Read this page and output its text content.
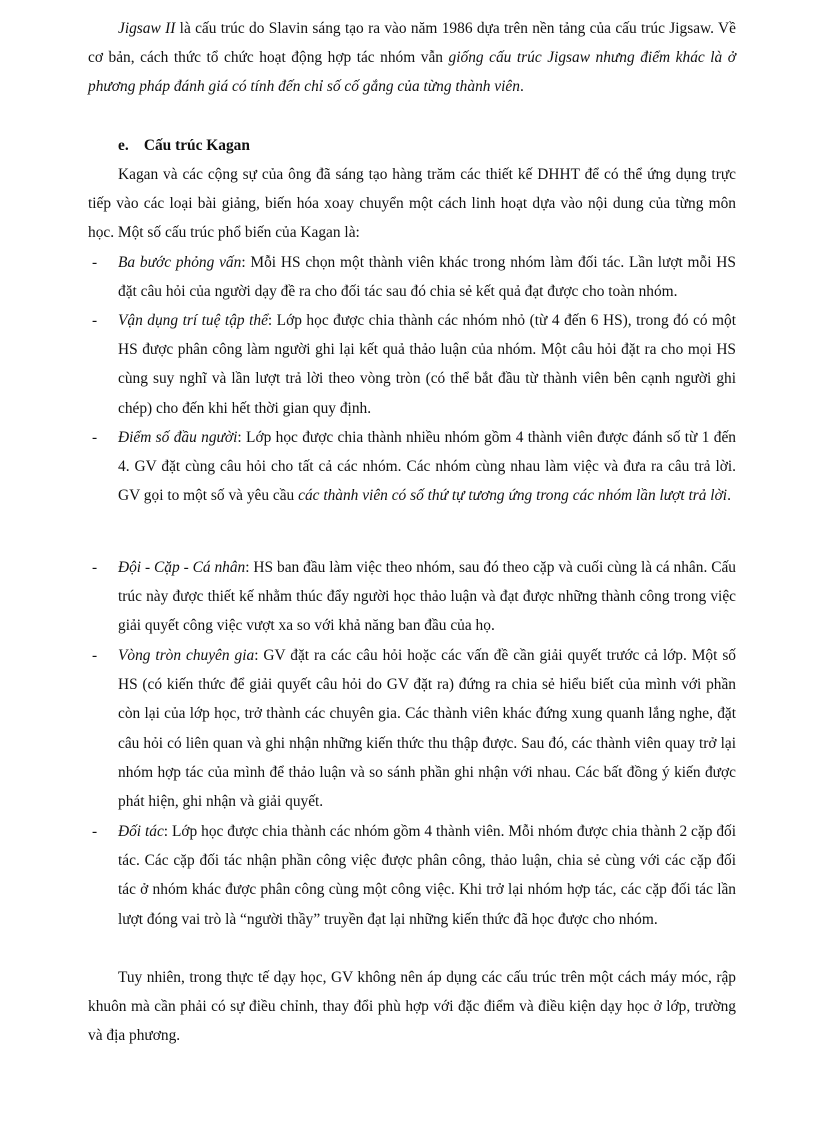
Jigsaw II là cấu trúc do Slavin sáng tạo ra vào năm 1986 dựa trên nền tảng của cấu trúc Jigsaw. Về cơ bản, cách thức tổ chức hoạt động hợp tác nhóm vẫn giống cấu trúc Jigsaw nhưng điểm khác là ở phương pháp đánh giá có tính đến chỉ số cố gắng của từng thành viên.

e. Cấu trúc Kagan

Kagan và các cộng sự của ông đã sáng tạo hàng trăm các thiết kế DHHT để có thể ứng dụng trực tiếp vào các loại bài giảng, biến hóa xoay chuyển một cách linh hoạt dựa vào nội dung của từng môn học. Một số cấu trúc phổ biến của Kagan là:

- Ba bước phỏng vấn: Mỗi HS chọn một thành viên khác trong nhóm làm đối tác. Lần lượt mỗi HS đặt câu hỏi của người dạy đề ra cho đối tác sau đó chia sẻ kết quả đạt được cho toàn nhóm.
- Vận dụng trí tuệ tập thể: Lớp học được chia thành các nhóm nhỏ (từ 4 đến 6 HS), trong đó có một HS được phân công làm người ghi lại kết quả thảo luận của nhóm. Một câu hỏi đặt ra cho mọi HS cùng suy nghĩ và lần lượt trả lời theo vòng tròn (có thể bắt đầu từ thành viên bên cạnh người ghi chép) cho đến khi hết thời gian quy định.
- Điểm số đầu người: Lớp học được chia thành nhiều nhóm gồm 4 thành viên được đánh số từ 1 đến 4. GV đặt cùng câu hỏi cho tất cả các nhóm. Các nhóm cùng nhau làm việc và đưa ra câu trả lời. GV gọi to một số và yêu cầu các thành viên có số thứ tự tương ứng trong các nhóm lần lượt trả lời.
- Đội - Cặp - Cá nhân: HS ban đầu làm việc theo nhóm, sau đó theo cặp và cuối cùng là cá nhân. Cấu trúc này được thiết kế nhằm thúc đẩy người học thảo luận và đạt được những thành công trong việc giải quyết công việc vượt xa so với khả năng ban đầu của họ.
- Vòng tròn chuyên gia: GV đặt ra các câu hỏi hoặc các vấn đề cần giải quyết trước cả lớp. Một số HS (có kiến thức để giải quyết câu hỏi do GV đặt ra) đứng ra chia sẻ hiểu biết của mình với phần còn lại của lớp học, trở thành các chuyên gia. Các thành viên khác đứng xung quanh lắng nghe, đặt câu hỏi có liên quan và ghi nhận những kiến thức thu thập được. Sau đó, các thành viên quay trở lại nhóm hợp tác của mình để thảo luận và so sánh phần ghi nhận với nhau. Các bất đồng ý kiến được phát hiện, ghi nhận và giải quyết.
- Đối tác: Lớp học được chia thành các nhóm gồm 4 thành viên. Mỗi nhóm được chia thành 2 cặp đối tác. Các cặp đối tác nhận phần công việc được phân công, thảo luận, chia sẻ cùng với các cặp đối tác ở nhóm khác được phân công cùng một công việc. Khi trở lại nhóm hợp tác, các cặp đối tác lần lượt đóng vai trò là “người thầy” truyền đạt lại những kiến thức đã học được cho nhóm.

Tuy nhiên, trong thực tế dạy học, GV không nên áp dụng các cấu trúc trên một cách máy móc, rập khuôn mà cần phải có sự điều chỉnh, thay đổi phù hợp với đặc điểm và điều kiện dạy học ở lớp, trường và địa phương.
